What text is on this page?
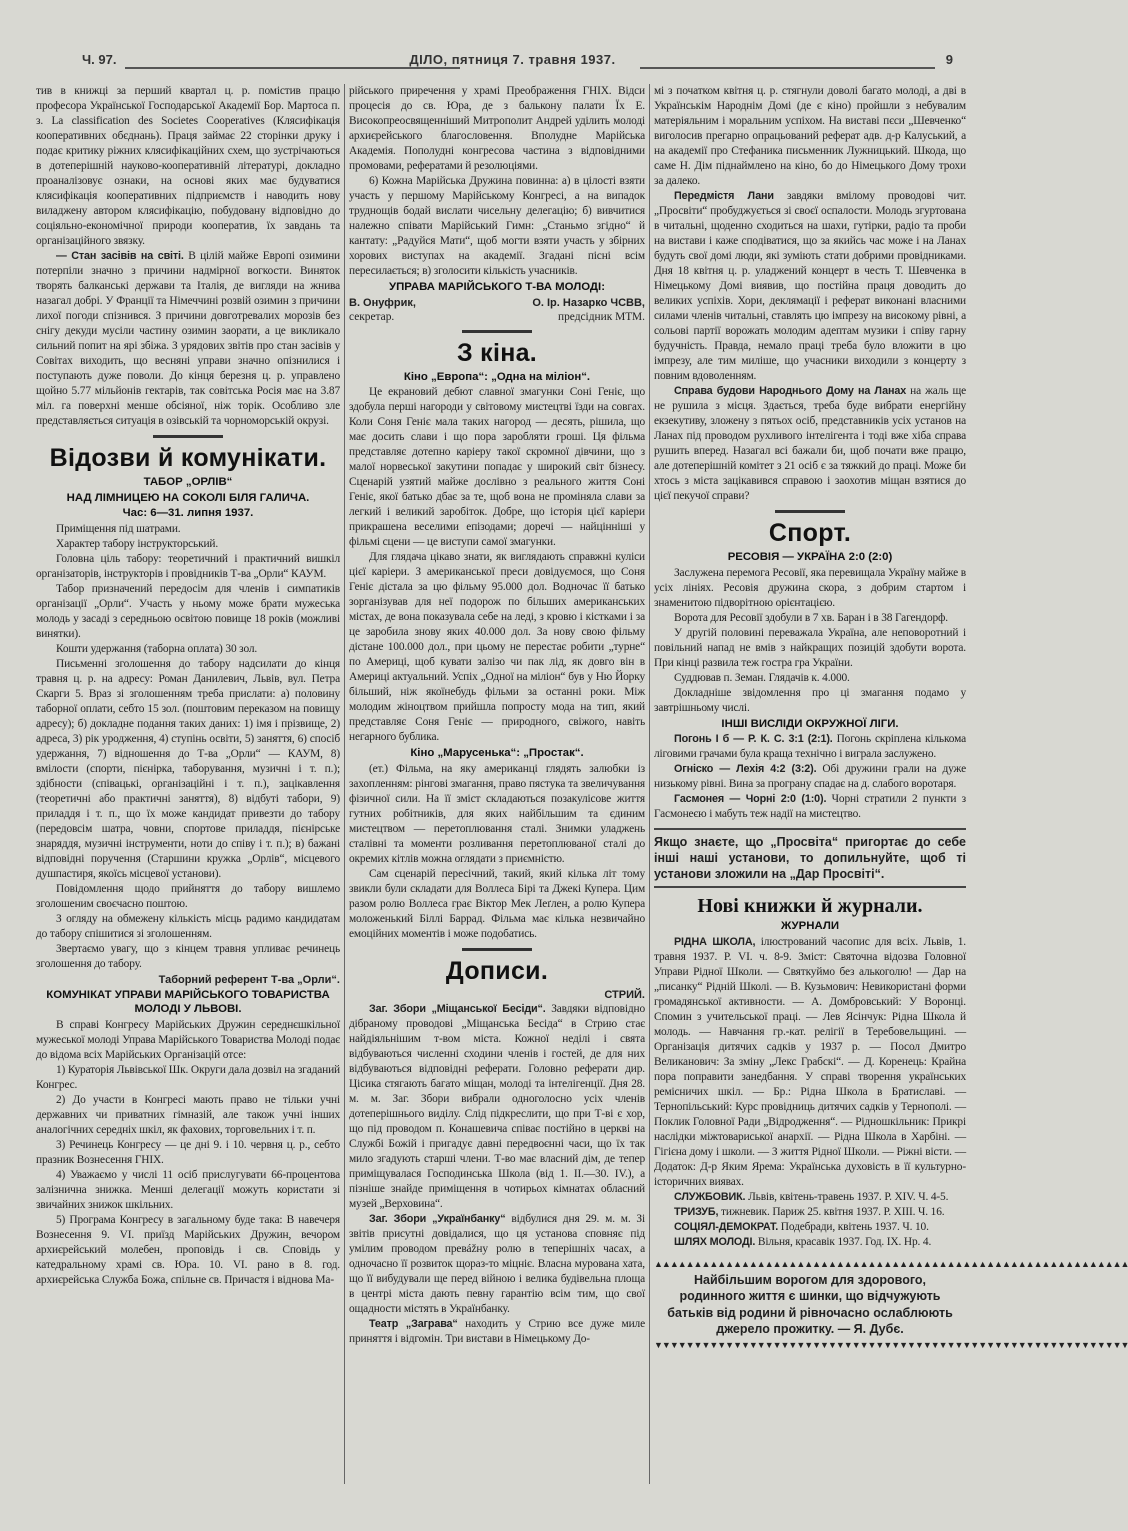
Ч. 97.	ДІЛО, пятниця 7. травня 1937.	9

тив в книжці за перший квартал ц. р. помістив працю професора Української Господарської Академії Бор. Мартоса п. з. La classification des Societes Cooperatives (Клясифікація кооперативних обєднань). Праця займає 22 сторінки друку і подає критику ріжних клясифікаційних схем, що зустрічаються в дотеперішній науково-кооперативній літературі, докладно проаналізовує ознаки, на основі яких має будуватися клясифікація кооперативних підприємств і наводить нову виладжену автором клясифікацію, побудовану відповідно до соціяльно-економічної природи кооператив, їх завдань та організаційного звязку.

— Стан засівів на світі. В цілій майже Европі озимини потерпіли значно з причини надмірної вогкости. Виняток творять балканські держави та Італія, де вигляди на жнива назагал добрі. У Франції та Німеччині розвій озимин з причини лихої погоди спізнився. З причини довготревалих морозів без снігу декуди мусіли частину озимин заорати, а це викликало сильний попит на ярі збіжа. З урядових звітів про стан засівів у Совітах виходить, що весняні управи значно опізнилися і поступають дуже поволи. До кінця березня ц. р. управлено щойно 5.77 мільйонів гектарів, так совітська Росія має на 3.87 міл. га поверхні менше обсіяної, ніж торік. Особливо зле представляється ситуація в озівській та чорноморській окрузі.

Відозви й комунікати.
ТАБОР „ОРЛІВ“
НАД ЛІМНИЦЕЮ НА СОКОЛІ БІЛЯ ГАЛИЧА.
Час: 6—31. липня 1937.

Приміщення під шатрами.

Характер табору інструкторський.

Головна ціль табору: теоретичний і практичний вишкіл організаторів, інструкторів і провідників Т-ва „Орли“ КАУМ.

Табор призначений передосім для членів і симпатиків організації „Орли“. Участь у ньому може брати мужеська молодь у засаді з середньою освітою повище 18 років (можливі винятки).

Кошти удержання (таборна оплата) 30 зол.

Письменні зголошення до табору надсилати до кінця травня ц. р. на адресу: Роман Данилевич, Львів, вул. Петра Скарги 5. Враз зі зголошенням треба прислати: а) половину таборної оплати, себто 15 зол. (поштовим переказом на повищу адресу); б) докладне подання таких даних: 1) імя і прізвище, 2) адреса, 3) рік уродження, 4) ступінь освіти, 5) заняття, 6) спосіб удержання, 7) відношення до Т-ва „Орли“ — КАУМ, 8) вмілости (спорти, пієнірка, таборування, музичні і т. п.); здібности (співацькі, організаційні і т. п.), зацікавлення (теоретичні або практичні заняття), 8) відбуті табори, 9) приладдя і т. п., що їх може кандидат привезти до табору (передовсім шатра, човни, спортове приладдя, пієнірське знаряддя, музичні інструменти, ноти до співу і т. п.); в) бажані відповідні поручення (Старшини кружка „Орлів“, місцевого душпастиря, якоїсь місцевої установи).

Повідомлення щодо прийняття до табору вишлемо зголошеним своєчасно поштою.

З огляду на обмежену кількість місць радимо кандидатам до табору спішитися зі зголошенням.

Звертаємо увагу, що з кінцем травня упливає речинець зголошення до табору.

Таборний референт Т-ва „Орли“.
КОМУНІКАТ УПРАВИ МАРІЙСЬКОГО ТОВАРИСТВА МОЛОДІ У ЛЬВОВІ.

В справі Конгресу Марійських Дружин середнєшкільної мужеської молоді Управа Марійського Товариства Молоді подає до відома всіх Марійських Організацій отсе:

1) Кураторія Львівської Шк. Округи дала дозвіл на згаданий Конгрес.

2) До участи в Конгресі мають право не тільки учні державних чи приватних гімназій, але також учні інших аналогічних середніх шкіл, як фахових, торговельних і т. п.

3) Речинець Конгресу — це дні 9. і 10. червня ц. р., себто празник Вознесення ГНІХ.

4) Уважаємо у числі 11 осіб прислугувати 66-процентова залізнична знижка. Менші делегації можуть користати зі звичайних знижок шкільних.

5) Програма Конгресу в загальному буде така: В навечеря Вознесення 9. VI. приїзд Марійських Дружин, вечором архиєрейський молебен, проповідь і св. Сповідь у катедральному храмі св. Юра. 10. VI. рано в 8. год. архиєрейська Служба Божа, спільне св. Причастя і віднова Ма-

рійського приречення у храмі Преображення ГНІХ. Відси процесія до св. Юра, де з балькону палати Їх Е. Високопреосвященніший Митрополит Андрей уділить молоді архиєрейського благословення. Вполудне Марійська Академія. Пополудні конгресова частина з відповідними промовами, рефератами й резолюціями.

6) Кожна Марійська Дружина повинна: а) в цілості взяти участь у першому Марійському Конгресі, а на випадок труднощів бодай вислати чисельну делегацію; б) вивчитися належно співати Марійський Гимн: „Станьмо згідно“ й кантату: „Радуйся Мати“, щоб могти взяти участь у збірних хорових виступах на академії. Згадані пісні всім пересилається; в) зголосити кількість учасників.

УПРАВА МАРІЙСЬКОГО Т-ВА МОЛОДІ:
В. Онуфрик,
секретар.
О. Ір. Назарко ЧСВВ,
предсідник МТМ.
З кіна.
Кіно „Европа“: „Одна на міліон“.

Це екрановий дебют славної змагунки Соні Геніє, що здобула перші нагороди у світовому мистецтві їзди на совгах. Коли Соня Геніє мала таких нагород — десять, рішила, що має досить слави і що пора заробляти гроші. Ця фільма представляє дотепно каріеру такої скромної дівчини, що з малої норвеської закутини попадає у широкий світ бізнесу. Сценарій узятий майже дослівно з реального життя Соні Геніє, якої батько дбає за те, щоб вона не проміняла слави за легкий і великий заробіток. Добре, що історія цієї каріери прикрашена веселими епізодами; доречі — найцінніші у фільмі сцени — це виступи самої змагунки.

Для глядача цікаво знати, як виглядають справжні куліси цієї каріери. З американської преси довідуємося, що Соня Геніє дістала за цю фільму 95.000 дол. Водночас її батько зорганізував для неї подорож по більших американських містах, де вона показувала себе на леді, з кровю і кістками і за це заробила знову яких 40.000 дол. За нову свою фільму дістане 100.000 дол., при цьому не перестає робити „турне“ по Америці, щоб кувати залізо чи пак лід, як довго він в Америці актуальний. Успіх „Одної на міліон“ був у Ню Йорку більший, ніж якоїнебудь фільми за останні роки. Між молодим жіноцтвом прийшла попросту мода на тип, який представляє Соня Геніє — природного, свіжого, навіть негарного бублика.

Кіно „Марусенька“: „Простак“.

(ет.) Фільма, на яку американці глядять залюбки із захопленням: рінгові змагання, право пястука та звеличування фізичної сили. На її зміст складаються позакулісове життя гутних робітників, для яких найбільшим та єдиним мистецтвом — перетоплювання сталі. Знимки уладжень сталівні та моменти розливання перетоплюваної сталі до окремих кітлів можна оглядати з приємністю.

Сам сценарій пересічний, такий, який кілька літ тому звикли були складати для Воллеса Бірі та Джекі Купера. Цим разом ролю Воллеса грає Віктор Мек Леґлен, а ролю Купера моложенький Біллі Баррад. Фільма має кілька незвичайно емоційних моментів і може подобатись.

Дописи.
СТРИЙ.

Заг. Збори „Міщанської Бесіди“. Завдяки відповідно дібраному проводові „Міщанська Бесіда“ в Стрию стає найдіяльнішим т-вом міста. Кожної неділі і свята відбуваються численні сходини членів і гостей, де для них відбуваються відповідні реферати. Головно реферати дир. Цісика стягають багато міщан, молоді та інтелігенції. Дня 28. м. м. Заг. Збори вибрали одноголосно усіх членів дотеперішнього виділу. Слід підкреслити, що при Т-ві є хор, що під проводом п. Конашевича співає постійно в церкві на Службі Божій і пригадує давні передвоєнні часи, що їх так мило згадують старші члени. Т-во має власний дім, де тепер приміщувалася Господинська Школа (від 1. II.—30. IV.), а пізніше знайде приміщення в чотирьох кімнатах обласний музей „Верховина“.

Заг. Збори „Українбанку“ відбулися дня 29. м. м. Зі звітів присутні довідалися, що ця установа сповняє під умілим проводом превážну ролю в теперішніх часах, а одночасно її розвиток щораз-то міцніє. Власна мурована хата, що її вибудували ще перед війною і велика будівельна площа в центрі міста дають певну гарантію всім тим, що свої ощадности містять в Українбанку.

Театр „Заграва“ находить у Стрию все дуже миле приняття і відгомін. Три вистави в Німецькому До-

мі з початком квітня ц. р. стягнули доволі багато молоді, а дві в Українськім Народнім Домі (де є кіно) пройшли з небувалим матеріяльним і моральним успіхом. На виставі пєси „Шевченко“ виголосив прегарно опрацьований реферат адв. д-р Калуський, а на академії про Стефаника письменник Лужницький. Шкода, що саме Н. Дім піднаймлено на кіно, бо до Німецького Дому трохи за далеко.

Передмістя Лани завдяки вмілому проводові чит. „Просвіти“ пробуджується зі своєї оспалости. Молодь згуртована в читальні, щоденно сходиться на шахи, гутірки, радіо та проби на вистави і каже сподіватися, що за якийсь час може і на Ланах будуть свої домі люди, які зуміють стати добрими провідниками. Дня 18 квітня ц. р. уладжений концерт в честь Т. Шевченка в Німецькому Домі виявив, що постійна праця доводить до великих успіхів. Хори, деклямації і реферат виконані власними силами членів читальні, ставлять цю імпрезу на високому рівні, а сольові партії ворожать молодим адептам музики і співу гарну будучність. Правда, немало праці треба було вложити в цю імпрезу, але тим миліше, що учасники виходили з концерту з повним вдоволенням.

Справа будови Народнього Дому на Ланах на жаль ще не рушила з місця. Здається, треба буде вибрати енергійну екзекутиву, зложену з пятьох осіб, представників усіх установ на Ланах під проводом рухливого інтелігента і тоді вже хіба справа рушить вперед. Назагал всі бажали би, щоб почати вже працю, але дотеперішній комітет з 21 осіб є за тяжкий до праці. Може би хтось з міста зацікавився справою і заохотив міщан взятися до цієї пекучої справи?

Спорт.
РЕСОВІЯ — УКРАЇНА 2:0 (2:0)

Заслужена перемога Ресовії, яка перевищала Україну майже в усіх лініях. Ресовія дружина скора, з добрим стартом і знаменитою підворітною орієнтацією.

Ворота для Ресовії здобули в 7 хв. Баран і в 38 Гагендорф.

У другій половині переважала Україна, але неповоротний і повільний напад не вмів з найкращих позицій здобути ворота. При кінці развила теж гостра гра України.

Суддював п. Земан. Глядачів к. 4.000.

Докладніше звідомлення про ці змагання подамо у завтрішньому числі.

ІНШІ ВИСЛІДИ ОКРУЖНОЇ ЛІГИ.

Погонь І б — Р. К. С. 3:1 (2:1). Погонь скріплена кількома ліговими грачами була краща технічно і виграла заслужено.

Огніско — Лехія 4:2 (3:2). Обі дружини грали на дуже низькому рівні. Вина за програну спадає на д. слабого воротаря.

Гасмонея — Чорні 2:0 (1:0). Чорні стратили 2 пункти з Гасмонеєю і мабуть теж надії на мистецтво.

Якщо знаєте, що „Просвіта“ пригортає до себе інші наші установи, то допильнуйте, щоб ті установи зложили на „Дар Просвіті“.
Нові книжки й журнали.
ЖУРНАЛИ

РІДНА ШКОЛА, ілюстрований часопис для всіх. Львів, 1. травня 1937. Р. VI. ч. 8-9. Зміст: Святочна відозва Головної Управи Рідної Школи. — Святкуймо без алькоголю! — Дар на „писанку“ Рідній Школі. — В. Кузьмович: Невикористані форми громадянської активности. — А. Домбровський: У Воронці. Спомин з учительської праці. — Лев Ясінчук: Рідна Школа й молодь. — Навчання гр.-кат. релігії в Теребовельщині. — Організація дитячих садків у 1937 р. — Посол Дмитро Великанович: За зміну „Лекс Грабскі“. — Д. Коренець: Крайна пора поправити занедбання. У справі творення українських ремісничих шкіл. — Бр.: Рідна Школа в Братиславі. — Тернопільський: Курс провідниць дитячих садків у Тернополі. — Поклик Головної Ради „Відродження“. — Рідношкільник: Прикрі наслідки міжтовариської анархії. — Рідна Школа в Харбіні. — Гігієна дому і школи. — З життя Рідної Школи. — Ріжні вісти. — Додаток: Д-р Яким Ярема: Українська духовість в її культурно-історичних виявах.

СЛУЖБОВИК. Львів, квітень-травень 1937. Р. XIV. Ч. 4-5.

ТРИЗУБ, тижневик. Париж 25. квітня 1937. Р. XIII. Ч. 16.

СОЦІЯЛ-ДЕМОКРАТ. Подебради, квітень 1937. Ч. 10.

ШЛЯХ МОЛОДІ. Вільня, красавік 1937. Год. IX. Нр. 4.

▲▲▲▲▲▲▲▲▲▲▲▲▲▲▲▲▲▲▲▲▲▲▲▲▲▲▲▲▲▲▲▲▲▲▲▲▲▲▲▲▲▲▲▲▲▲▲▲▲▲▲▲▲▲▲▲▲▲▲▲
Найбільшим ворогом для здорового, родинного життя є шинки, що відчужують батьків від родини й рівночасно ослаблюють джерело прожитку. — Я. Дубє.
▼▼▼▼▼▼▼▼▼▼▼▼▼▼▼▼▼▼▼▼▼▼▼▼▼▼▼▼▼▼▼▼▼▼▼▼▼▼▼▼▼▼▼▼▼▼▼▼▼▼▼▼▼▼▼▼▼▼▼▼
